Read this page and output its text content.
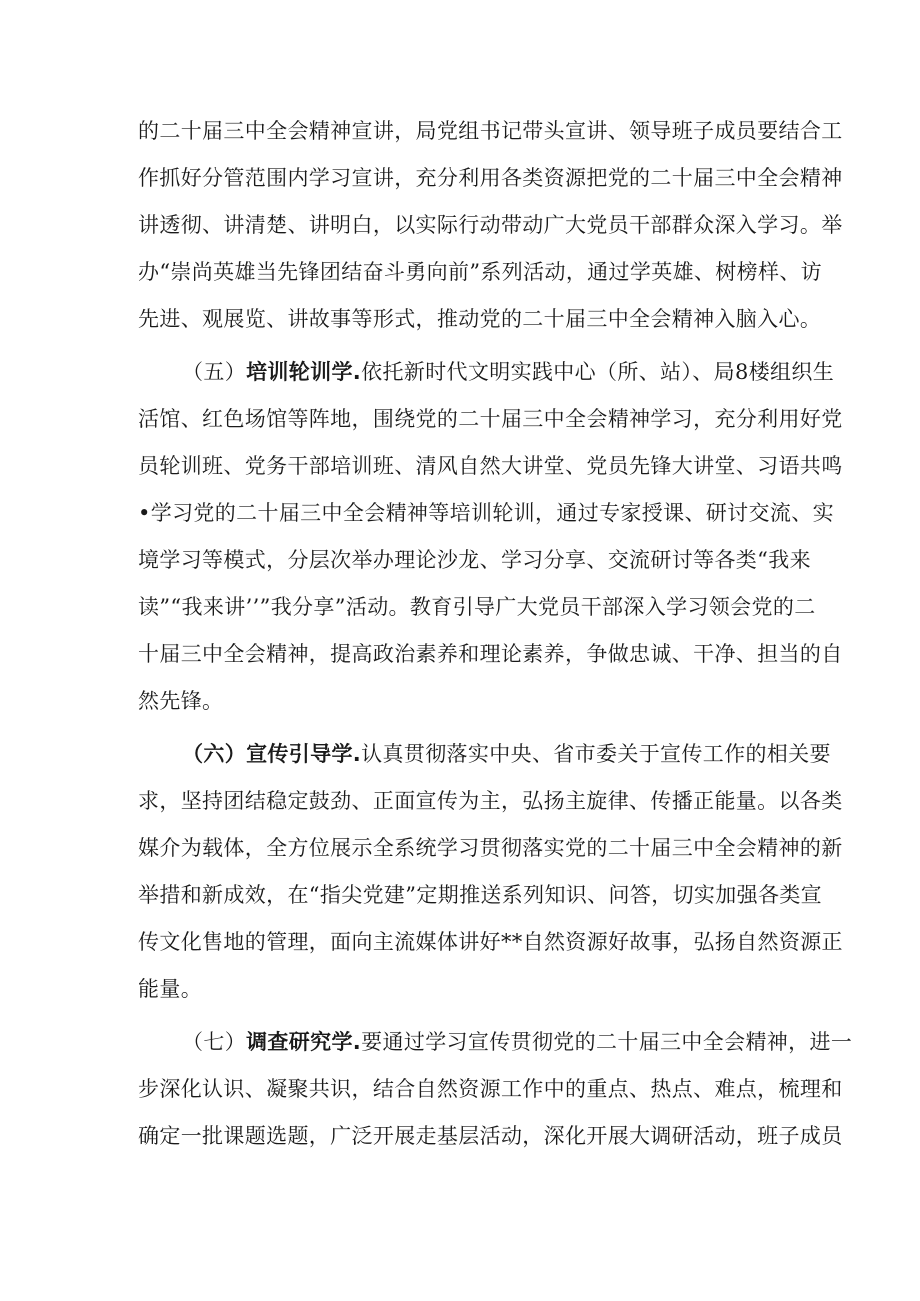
的二十届三中全会精神宣讲，局党组书记带头宣讲、领导班子成员要结合工
作抓好分管范围内学习宣讲，充分利用各类资源把党的二十届三中全会精神
讲透彻、讲清楚、讲明白，以实际行动带动广大党员干部群众深入学习。举
办“崇尚英雄当先锋团结奋斗勇向前”系列活动，通过学英雄、树榜样、访
先进、观展览、讲故事等形式，推动党的二十届三中全会精神入脑入心。
（五）培训轮训学.依托新时代文明实践中心（所、站）、局8楼组织生
活馆、红色场馆等阵地，围绕党的二十届三中全会精神学习，充分利用好党
员轮训班、党务干部培训班、清风自然大讲堂、党员先锋大讲堂、习语共鸣
•学习党的二十届三中全会精神等培训轮训，通过专家授课、研讨交流、实
境学习等模式，分层次举办理论沙龙、学习分享、交流研讨等各类“我来
读”“我来讲’’”我分享”活动。教育引导广大党员干部深入学习领会党的二
十届三中全会精神，提高政治素养和理论素养，争做忠诚、干净、担当的自
然先锋。
（六）宣传引导学.认真贯彻落实中央、省市委关于宣传工作的相关要
求，坚持团结稳定鼓劲、正面宣传为主，弘扬主旋律、传播正能量。以各类
媒介为载体，全方位展示全系统学习贯彻落实党的二十届三中全会精神的新
举措和新成效，在“指尖党建”定期推送系列知识、问答，切实加强各类宣
传文化售地的管理，面向主流媒体讲好**自然资源好故事，弘扬自然资源正
能量。
（七）调查研究学.要通过学习宣传贯彻党的二十届三中全会精神，进一
步深化认识、凝聚共识，结合自然资源工作中的重点、热点、难点，梳理和
确定一批课题选题，广泛开展走基层活动，深化开展大调研活动，班子成员
